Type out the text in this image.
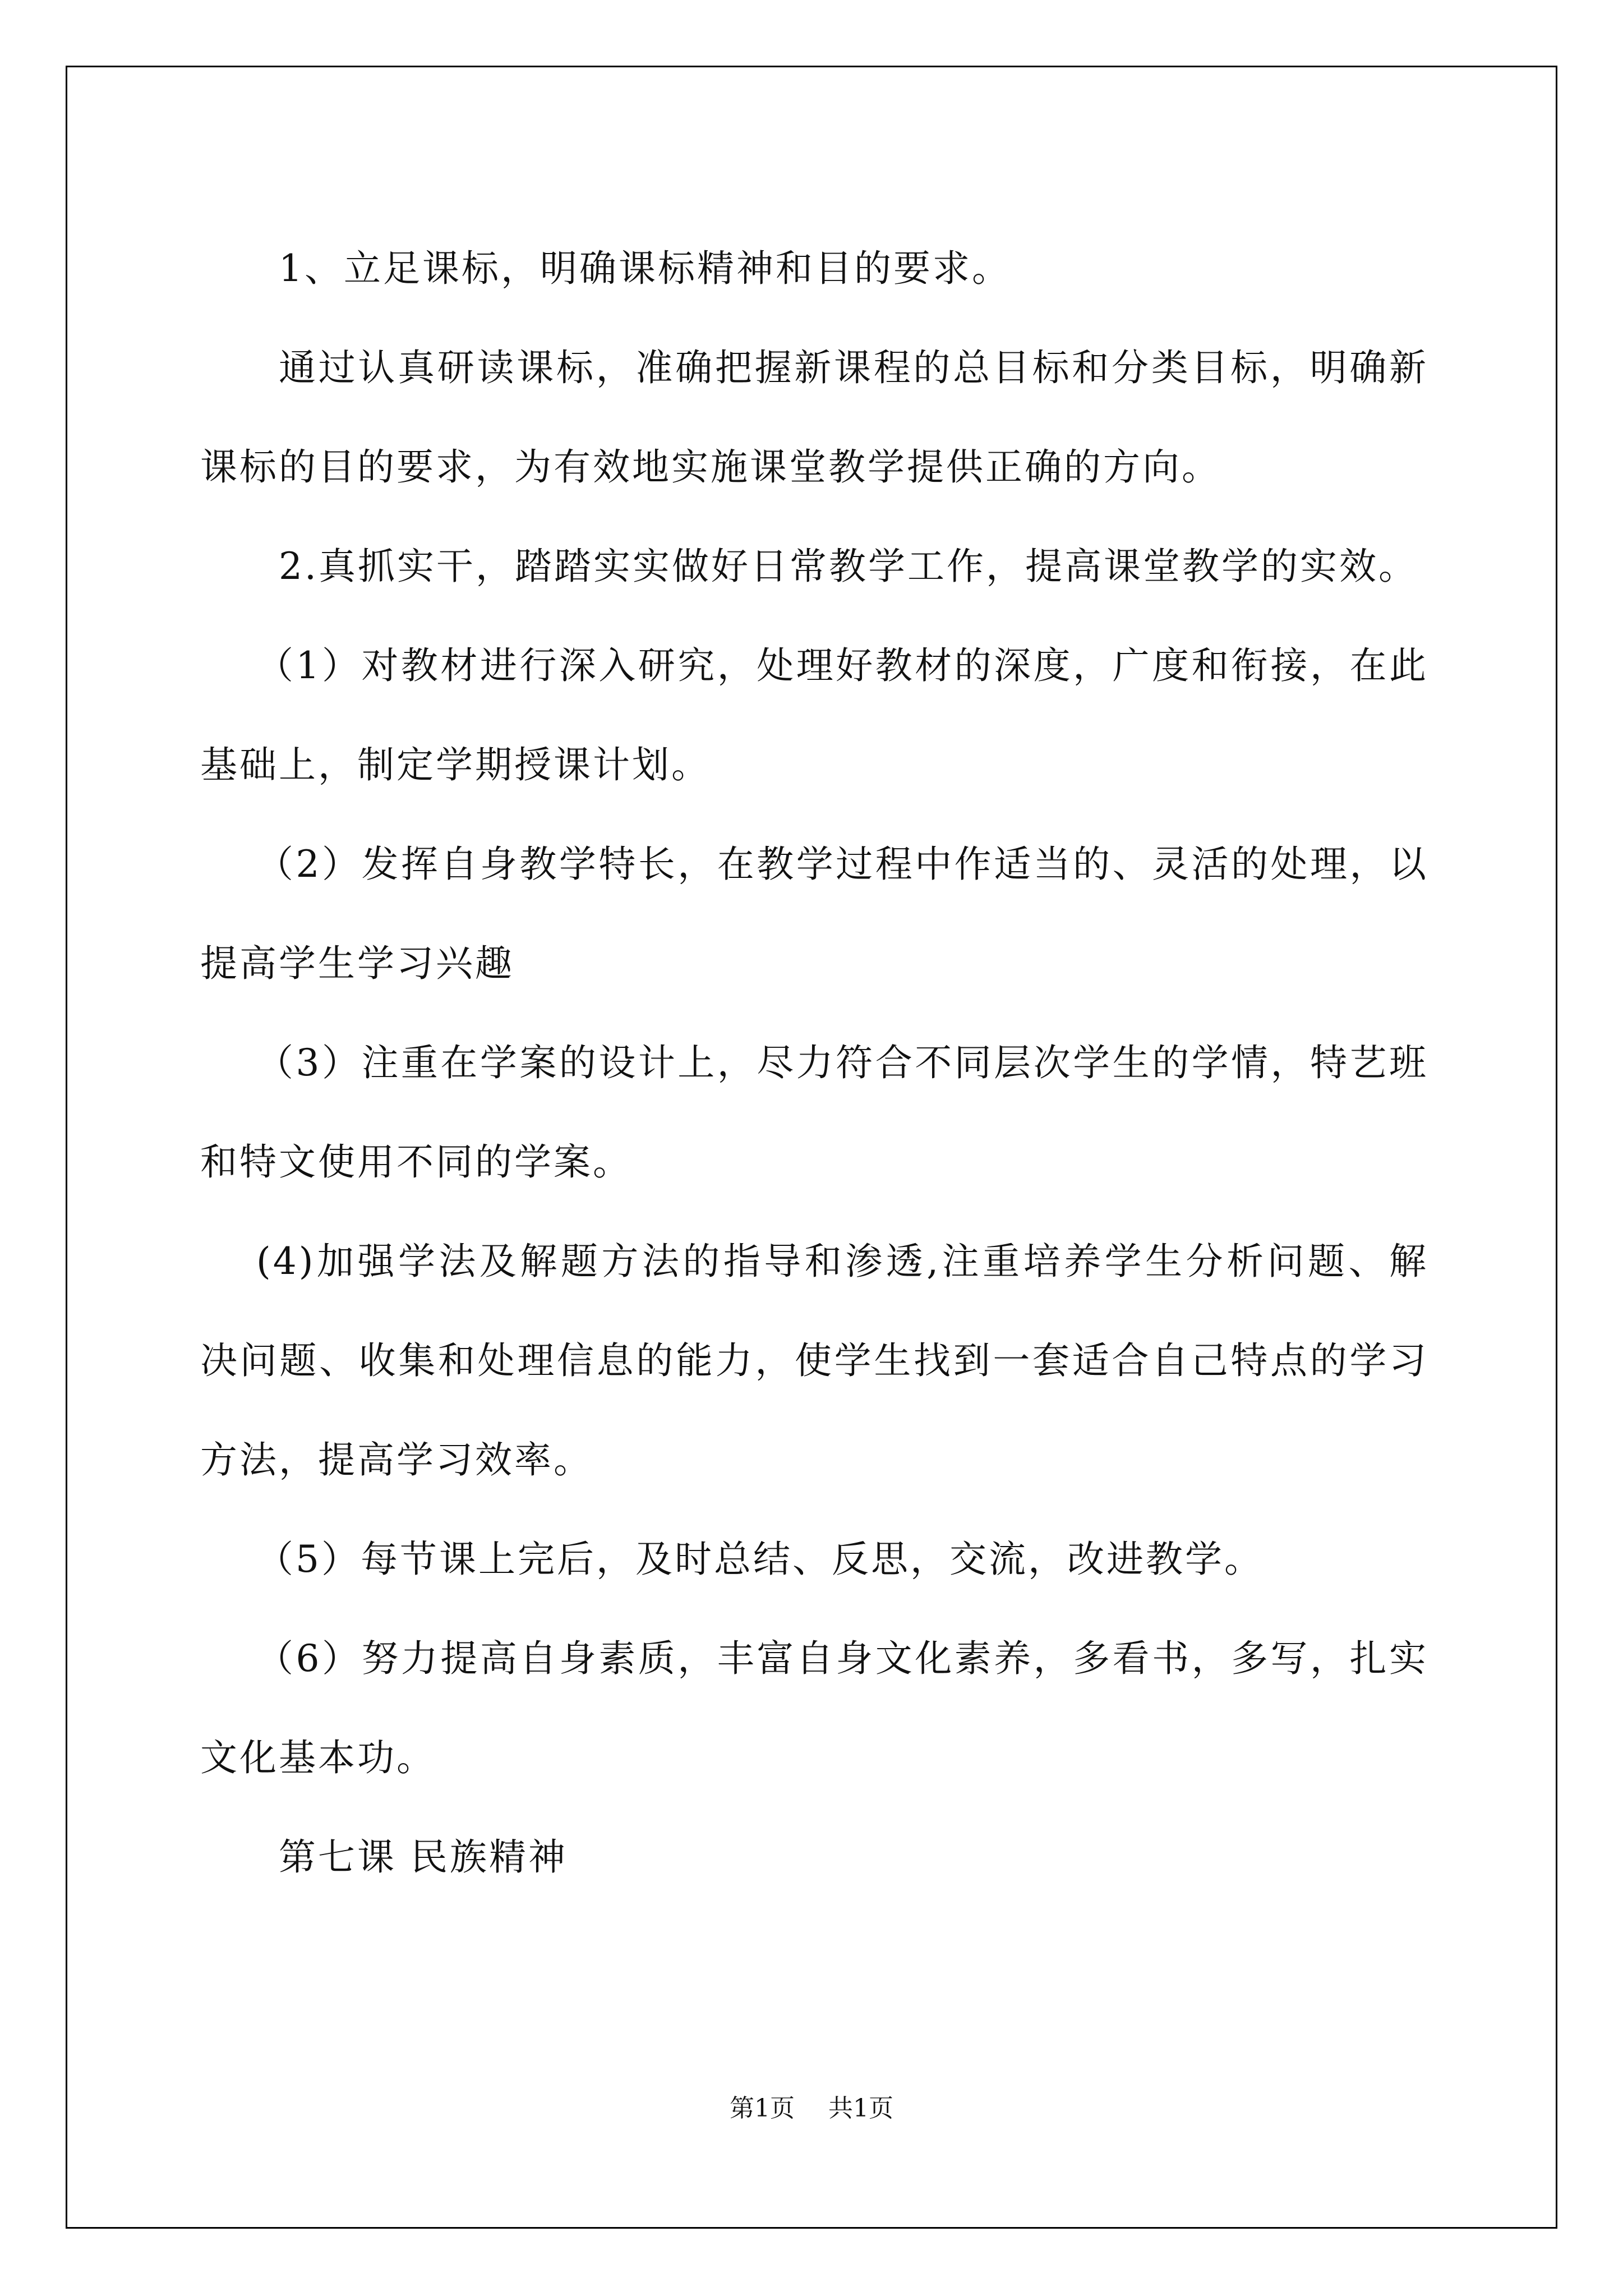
1、立足课标，明确课标精神和目的要求。

通过认真研读课标，准确把握新课程的总目标和分类目标，明确新课标的目的要求，为有效地实施课堂教学提供正确的方向。

2.真抓实干，踏踏实实做好日常教学工作，提高课堂教学的实效。

（1）对教材进行深入研究，处理好教材的深度，广度和衔接，在此基础上，制定学期授课计划。

（2）发挥自身教学特长，在教学过程中作适当的、灵活的处理，以提高学生学习兴趣

（3）注重在学案的设计上，尽力符合不同层次学生的学情，特艺班和特文使用不同的学案。

(4)加强学法及解题方法的指导和渗透,注重培养学生分析问题、解决问题、收集和处理信息的能力，使学生找到一套适合自己特点的学习方法，提高学习效率。

（5）每节课上完后，及时总结、反思，交流，改进教学。

（6）努力提高自身素质，丰富自身文化素养，多看书，多写，扎实文化基本功。

第七课 民族精神

第1页 共1页
